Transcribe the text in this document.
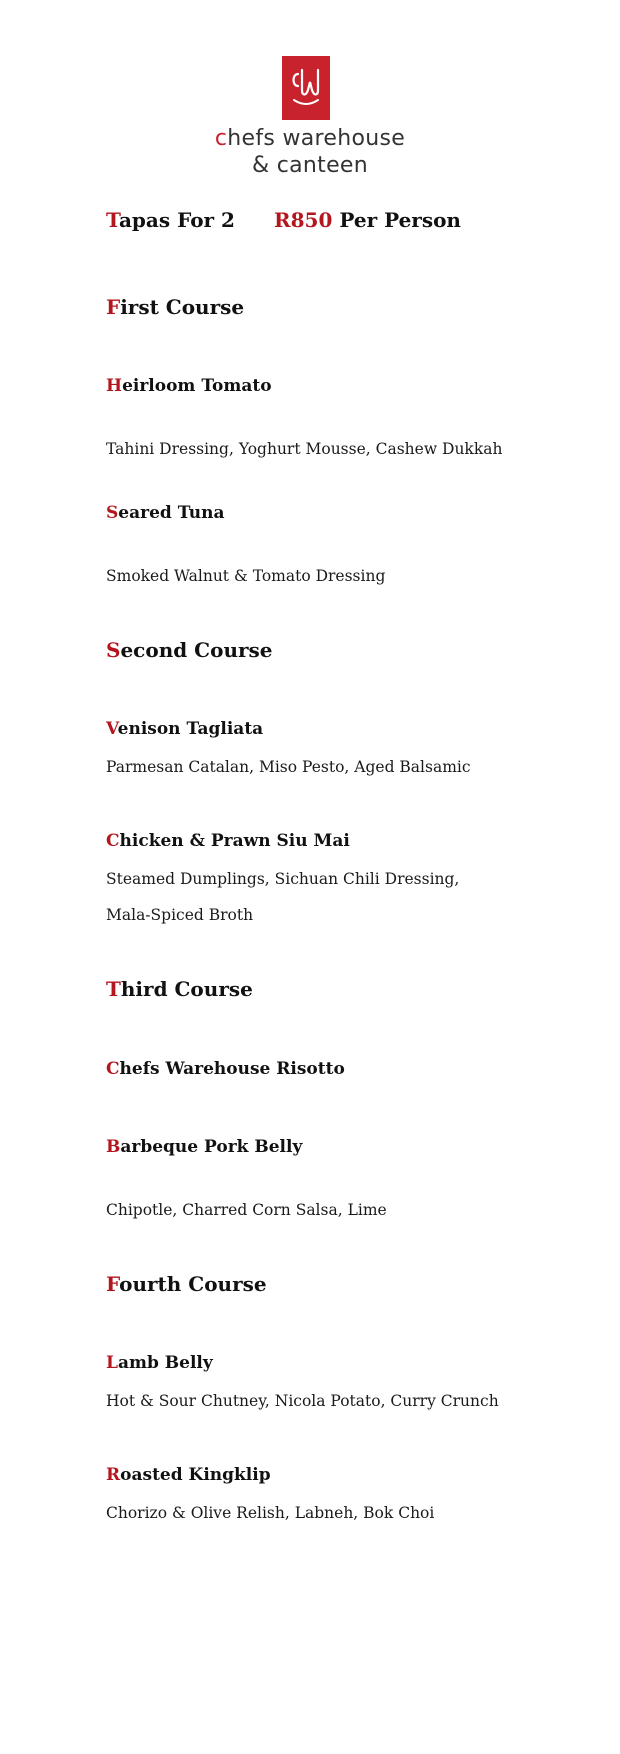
chefs warehouse
& canteen
Tapas For 2 R850 Per Person
First Course
Heirloom Tomato
Tahini Dressing, Yoghurt Mousse, Cashew Dukkah
Seared Tuna
Smoked Walnut & Tomato Dressing
Second Course
Venison Tagliata
Parmesan Catalan, Miso Pesto, Aged Balsamic
Chicken & Prawn Siu Mai
Steamed Dumplings, Sichuan Chili Dressing,
Mala-Spiced Broth
Third Course
Chefs Warehouse Risotto
Barbeque Pork Belly
Chipotle, Charred Corn Salsa, Lime
Fourth Course
Lamb Belly
Hot & Sour Chutney, Nicola Potato, Curry Crunch
Roasted Kingklip
Chorizo & Olive Relish, Labneh, Bok Choi
